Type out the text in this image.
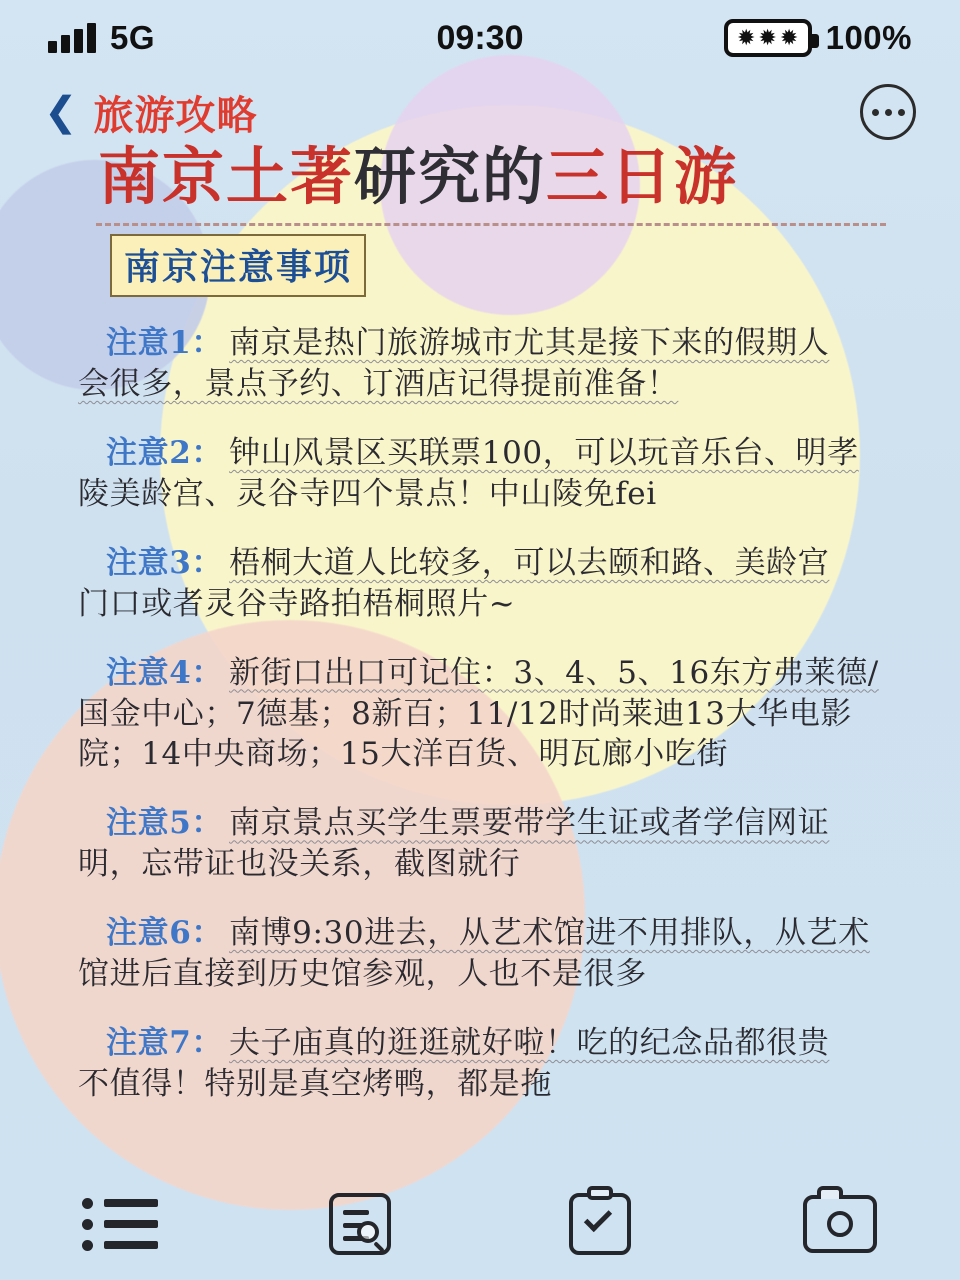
5G	09:30	✹ ✹ ✹ 100%
❮ 旅游攻略
南京土著研究的三日游
南京注意事项
注意1： 南京是热门旅游城市尤其是接下来的假期人
会很多，景点予约、订酒店记得提前准备！
注意2： 钟山风景区买联票100，可以玩音乐台、明孝
陵美龄宫、灵谷寺四个景点！中山陵免fei
注意3： 梧桐大道人比较多，可以去颐和路、美龄宫
门口或者灵谷寺路拍梧桐照片~
注意4： 新街口出口可记住：3、4、5、16东方弗莱德/
国金中心；7德基；8新百；11/12时尚莱迪13大华电影
院；14中央商场；15大洋百货、明瓦廊小吃街
注意5： 南京景点买学生票要带学生证或者学信网证
明，忘带证也没关系，截图就行
注意6： 南博9:30进去，从艺术馆进不用排队，从艺术
馆进后直接到历史馆参观，人也不是很多
注意7： 夫子庙真的逛逛就好啦！吃的纪念品都很贵
不值得！特别是真空烤鸭，都是拖
